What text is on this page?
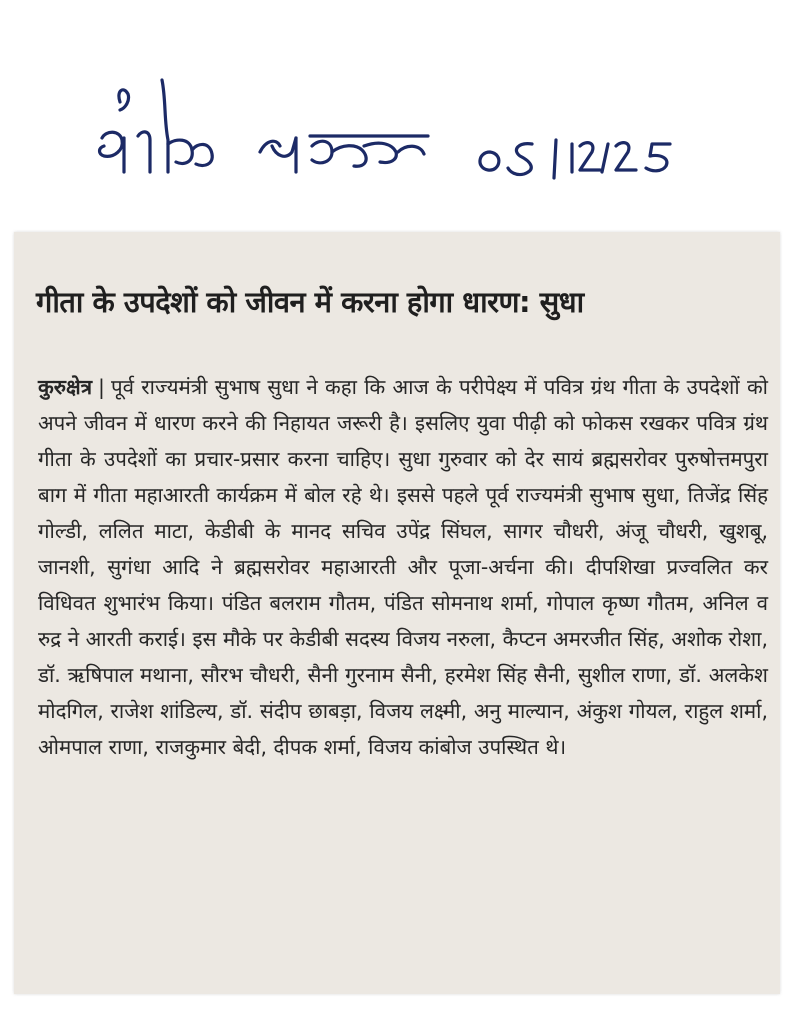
गीता के उपदेशों को जीवन में करना होगा धारण: सुधा

कुरुक्षेत्र | पूर्व राज्यमंत्री सुभाष सुधा ने कहा कि आज के परीपेक्ष्य में पवित्र ग्रंथ गीता के उपदेशों को अपने जीवन में धारण करने की निहायत जरूरी है। इसलिए युवा पीढ़ी को फोकस रखकर पवित्र ग्रंथ गीता के उपदेशों का प्रचार-प्रसार करना चाहिए। सुधा गुरुवार को देर सायं ब्रह्मसरोवर पुरुषोत्तमपुरा बाग में गीता महाआरती कार्यक्रम में बोल रहे थे। इससे पहले पूर्व राज्यमंत्री सुभाष सुधा, तिजेंद्र सिंह गोल्डी, ललित माटा, केडीबी के मानद सचिव उपेंद्र सिंघल, सागर चौधरी, अंजू चौधरी, खुशबू, जानशी, सुगंधा आदि ने ब्रह्मसरोवर महाआरती और पूजा-अर्चना की। दीपशिखा प्रज्वलित कर विधिवत शुभारंभ किया। पंडित बलराम गौतम, पंडित सोमनाथ शर्मा, गोपाल कृष्ण गौतम, अनिल व रुद्र ने आरती कराई। इस मौके पर केडीबी सदस्य विजय नरुला, कैप्टन अमरजीत सिंह, अशोक रोशा, डॉ. ऋषिपाल मथाना, सौरभ चौधरी, सैनी गुरनाम सैनी, हरमेश सिंह सैनी, सुशील राणा, डॉ. अलकेश मोदगिल, राजेश शांडिल्य, डॉ. संदीप छाबड़ा, विजय लक्ष्मी, अनु माल्यान, अंकुश गोयल, राहुल शर्मा, ओमपाल राणा, राजकुमार बेदी, दीपक शर्मा, विजय कांबोज उपस्थित थे।
